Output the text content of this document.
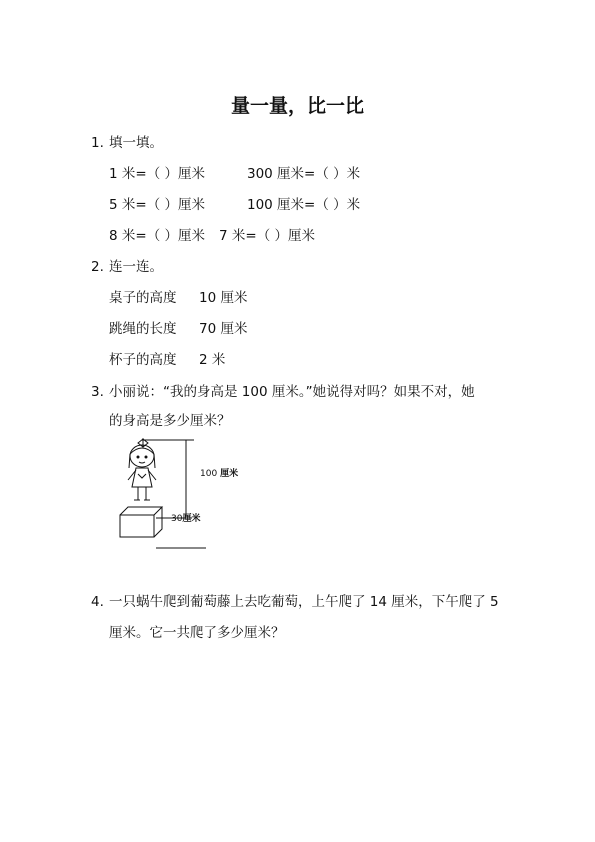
量一量，比一比
1. 填一填。
1 米=（ ）厘米	300 厘米=（ ）米
5 米=（ ）厘米	100 厘米=（ ）米
8 米=（ ）厘米 7 米=（ ）厘米
2. 连一连。
桌子的高度 10 厘米
跳绳的长度 70 厘米
杯子的高度 2 米
3. 小丽说：“我的身高是 100 厘米。”她说得对吗？如果不对，她
的身高是多少厘米？
100 厘米
30厘米
4. 一只蜗牛爬到葡萄藤上去吃葡萄，上午爬了 14 厘米，下午爬了 5
厘米。它一共爬了多少厘米？
